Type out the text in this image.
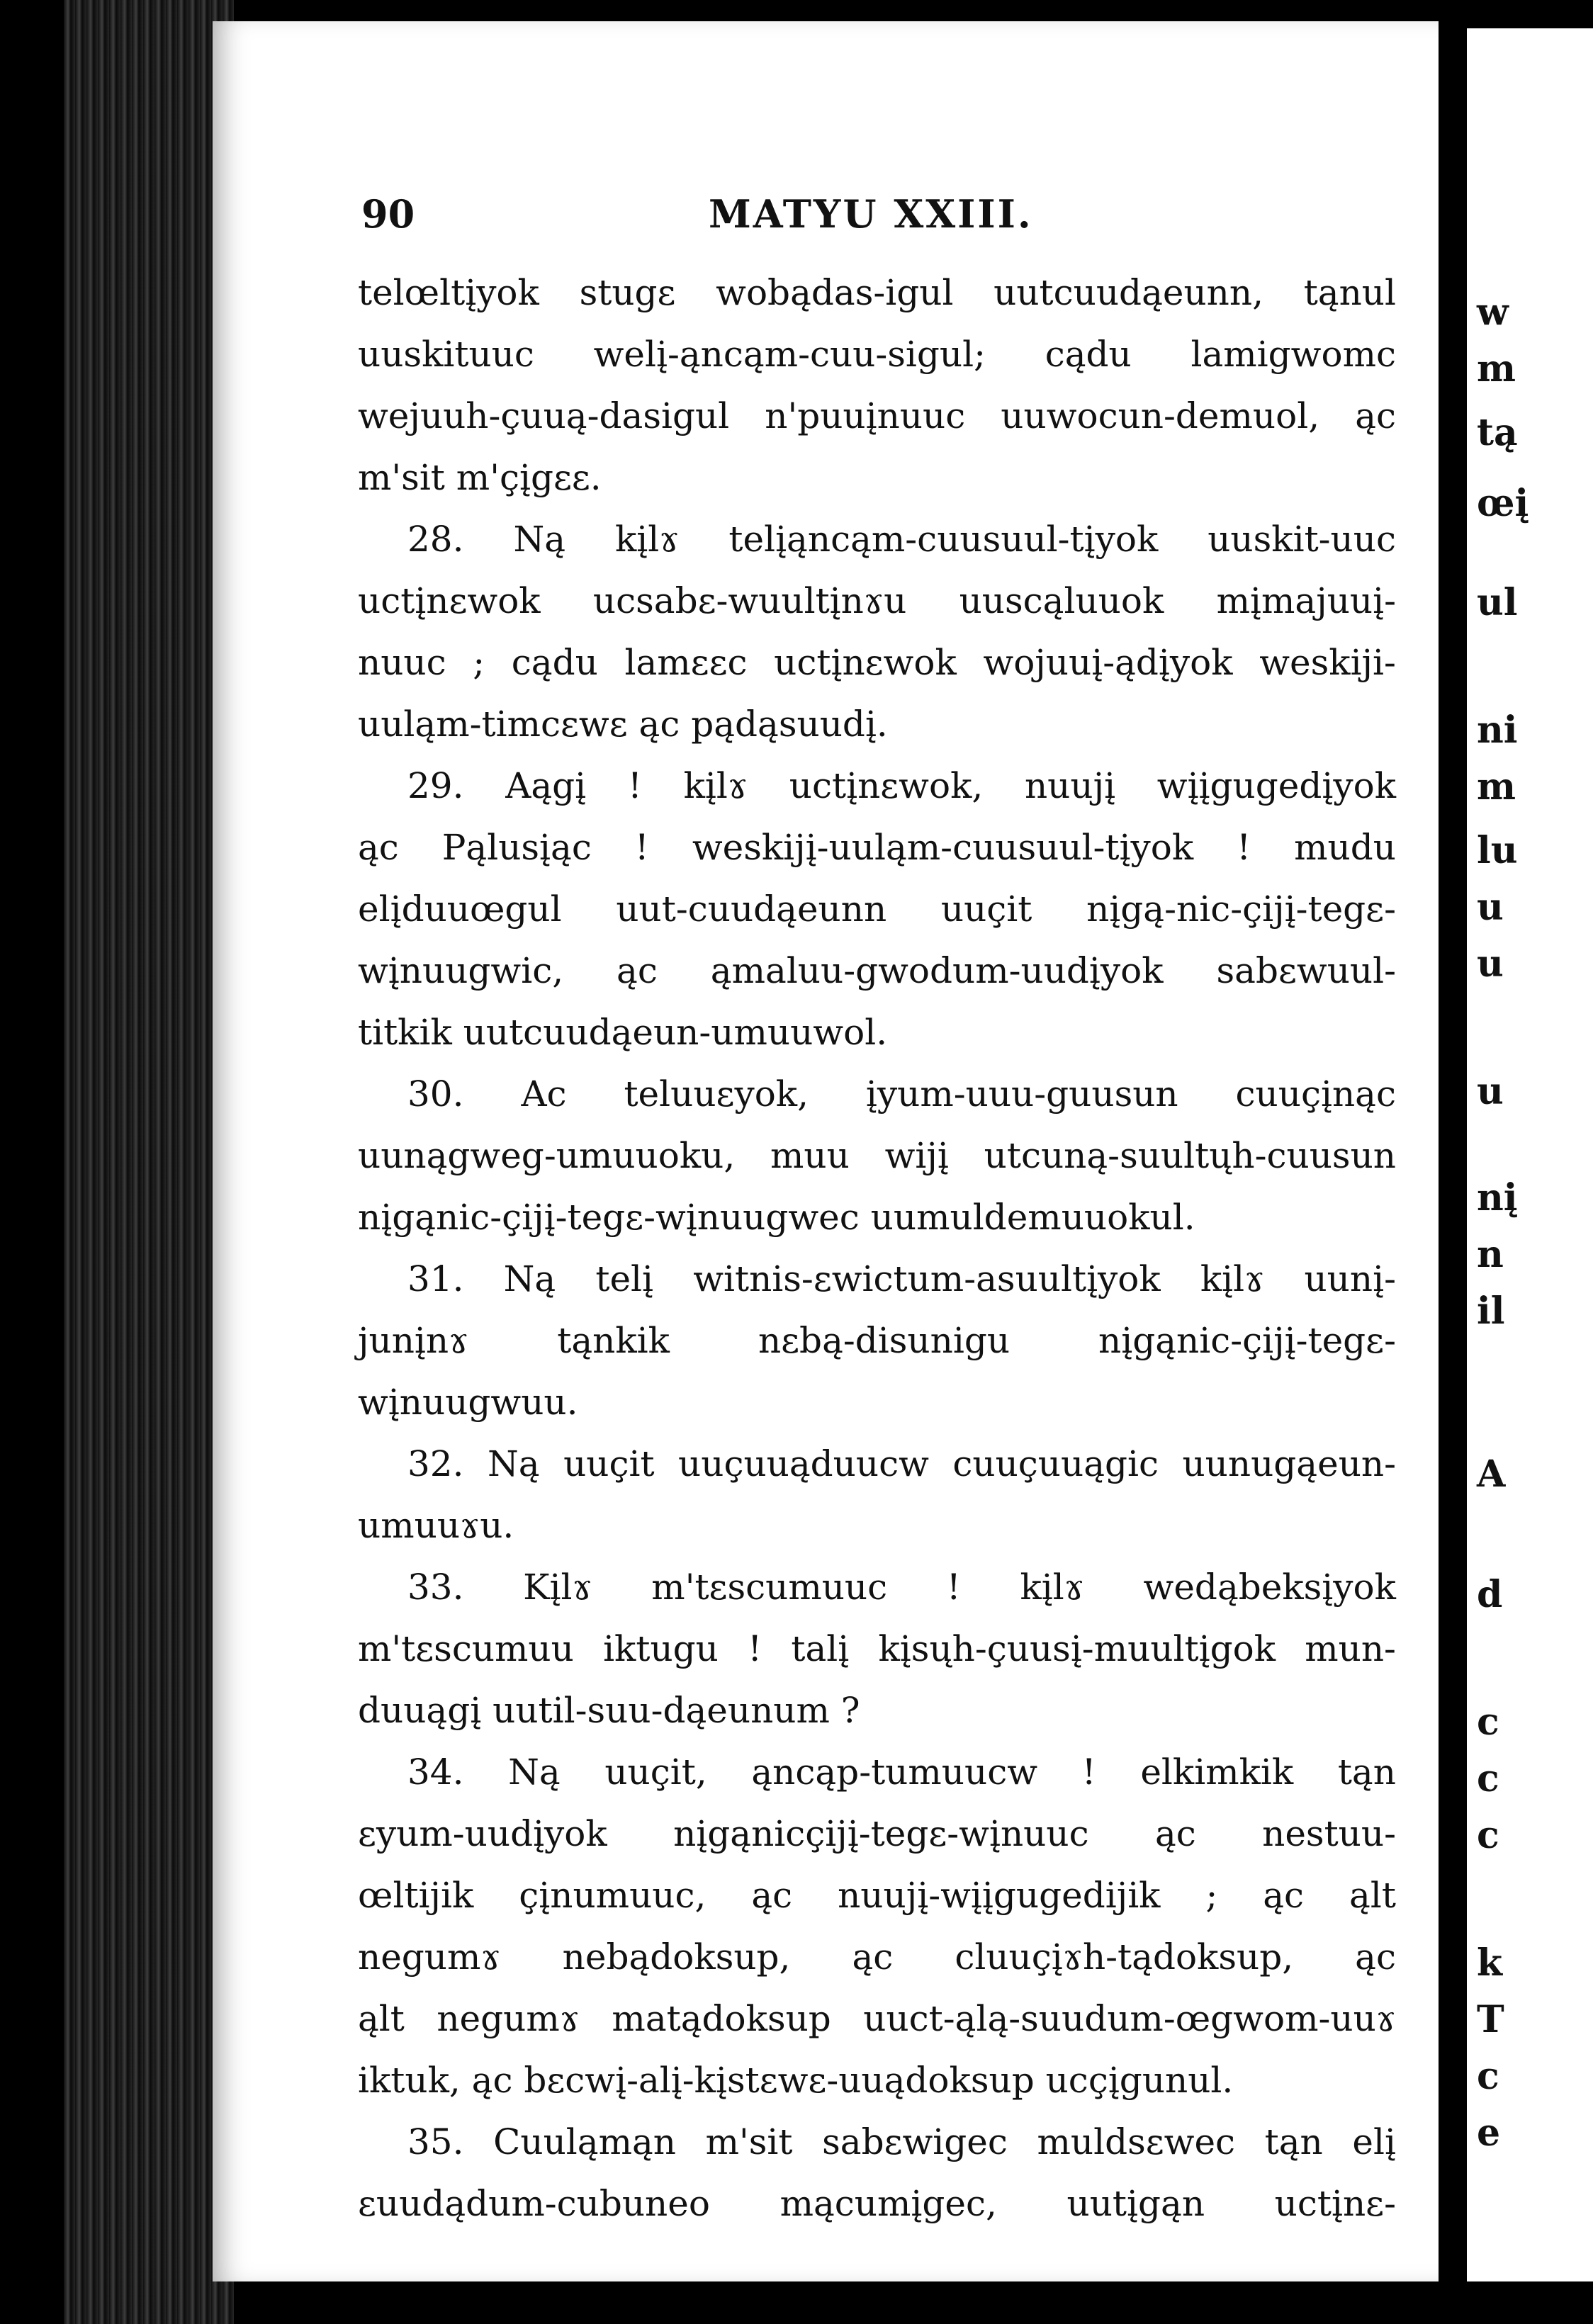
90	MATYU XXIII.
telœltįyok stugε wobądas-igul uutcuudąeunn, tąnul
uuskituuc welį-ąncąm-cuu-sigul; cądu lamigwomc
wejuuh-çuuą-dasigul n'puuįnuuc uuwocun-demuol, ąc
m'sit m'çįgεε.
28. Ną kįlɤ telįąncąm-cuusuul-tįyok uuskit-uuc
uctįnεwok ucsabε-wuultįnɤu uuscąluuok mįmajuuį-
nuuc ; cądu lamεεc uctįnεwok wojuuį-ądįyok weskiji-
uuląm-timcεwε ąc pądąsuudį.
29. Aągį ! kįlɤ uctįnεwok, nuujį wįįgugedįyok
ąc Pąlusįąc ! weskijį-uuląm-cuusuul-tįyok ! mudu
elįduuœgul uut-cuudąeunn uuçit nįgą-nic-çijį-tegε-
wįnuugwic, ąc ąmaluu-gwodum-uudįyok sabεwuul-
titkik uutcuudąeun-umuuwol.
30. Ac teluuεyok, įyum-uuu-guusun cuuçįnąc
uunągweg-umuuoku, muu wijį utcuną-suultųh-cuusun
nįgąnic-çijį-tegε-wįnuugwec uumuldemuuokul.
31. Ną telį witnis-εwictum-asuultįyok kįlɤ uunį-
junįnɤ tąnkik nεbą-disunigu nįgąnic-çijį-tegε-
wįnuugwuu.
32. Ną uuçit uuçuuąduucw cuuçuuągic uunugąeun-
umuuɤu.
33. Kįlɤ m'tεscumuuc ! kįlɤ wedąbeksįyok
m'tεscumuu iktugu ! talį kįsųh-çuusį-muultįgok mun-
duuągį uutil-suu-dąeunum ?
34. Ną uuçit, ąncąp-tumuucw ! elkimkik tąn
εyum-uudįyok nįgąnicçijį-tegε-wįnuuc ąc nestuu-
œltijik çįnumuuc, ąc nuujį-wįįgugedijik ; ąc ąlt
negumɤ nebądoksup, ąc cluuçįɤh-tądoksup, ąc
ąlt negumɤ matądoksup uuct-ąlą-suudum-œgwom-uuɤ
iktuk, ąc bεcwį-alį-kįstεwε-uuądoksup ucçįgunul.
35. Cuuląmąn m'sit sabεwigec muldsεwec tąn elį
εuudądum-cubuneo mącumįgec, uutįgąn uctįnε-
w
m
tą
œį
ul
ni
m
lu
u
u
u
nį
n
il
A
d
c
c
c
k
T
c
e
